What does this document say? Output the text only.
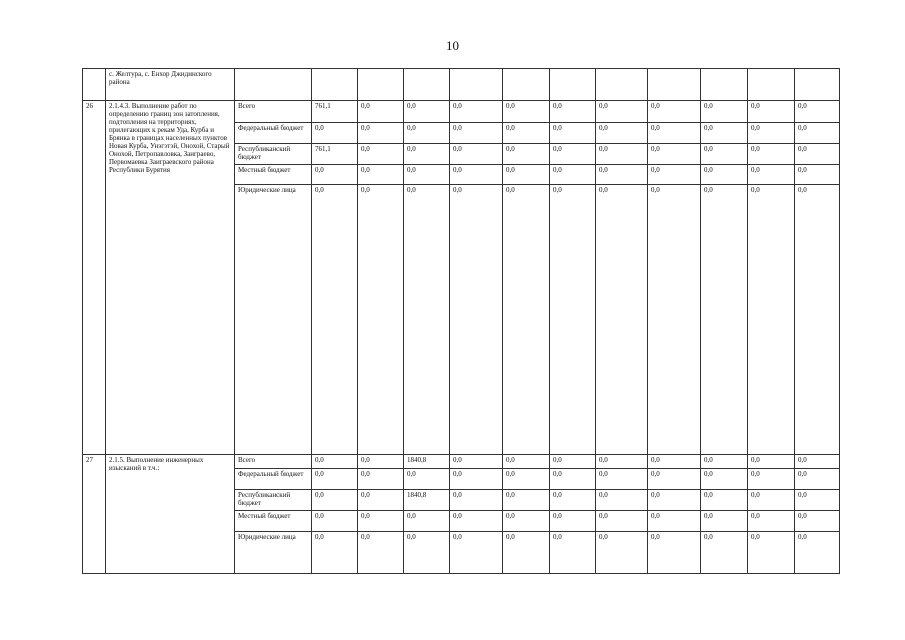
10
	с. Желтура, с. Енхор Джидинского района												
26	2.1.4.3. Выполнение работ по определению границ зон затопления, подтопления на территориях, прилегающих к рекам Уда, Курба и Брянка в границах населенных пунктов Новая Курба, Унэгэтэй, Онохой, Старый Онохой, Петропавловка, Заиграево, Первомаевка Заиграевского района Республики Бурятия	Всего	761,1	0,0	0,0	0,0	0,0	0,0	0,0	0,0	0,0	0,0	0,0
		Федеральный бюджет	0,0	0,0	0,0	0,0	0,0	0,0	0,0	0,0	0,0	0,0	0,0
		Республиканский бюджет	761,1	0,0	0,0	0,0	0,0	0,0	0,0	0,0	0,0	0,0	0,0
		Местный бюджет	0,0	0,0	0,0	0,0	0,0	0,0	0,0	0,0	0,0	0,0	0,0
		Юридические лица	0,0	0,0	0,0	0,0	0,0	0,0	0,0	0,0	0,0	0,0	0,0
27	2.1.5. Выполнение инженерных изысканий в т.ч.:	Всего	0,0	0,0	1840,8	0,0	0,0	0,0	0,0	0,0	0,0	0,0	0,0
		Федеральный бюджет	0,0	0,0	0,0	0,0	0,0	0,0	0,0	0,0	0,0	0,0	0,0
		Республиканский бюджет	0,0	0,0	1840,8	0,0	0,0	0,0	0,0	0,0	0,0	0,0	0,0
		Местный бюджет	0,0	0,0	0,0	0,0	0,0	0,0	0,0	0,0	0,0	0,0	0,0
		Юридические лица	0,0	0,0	0,0	0,0	0,0	0,0	0,0	0,0	0,0	0,0	0,0
